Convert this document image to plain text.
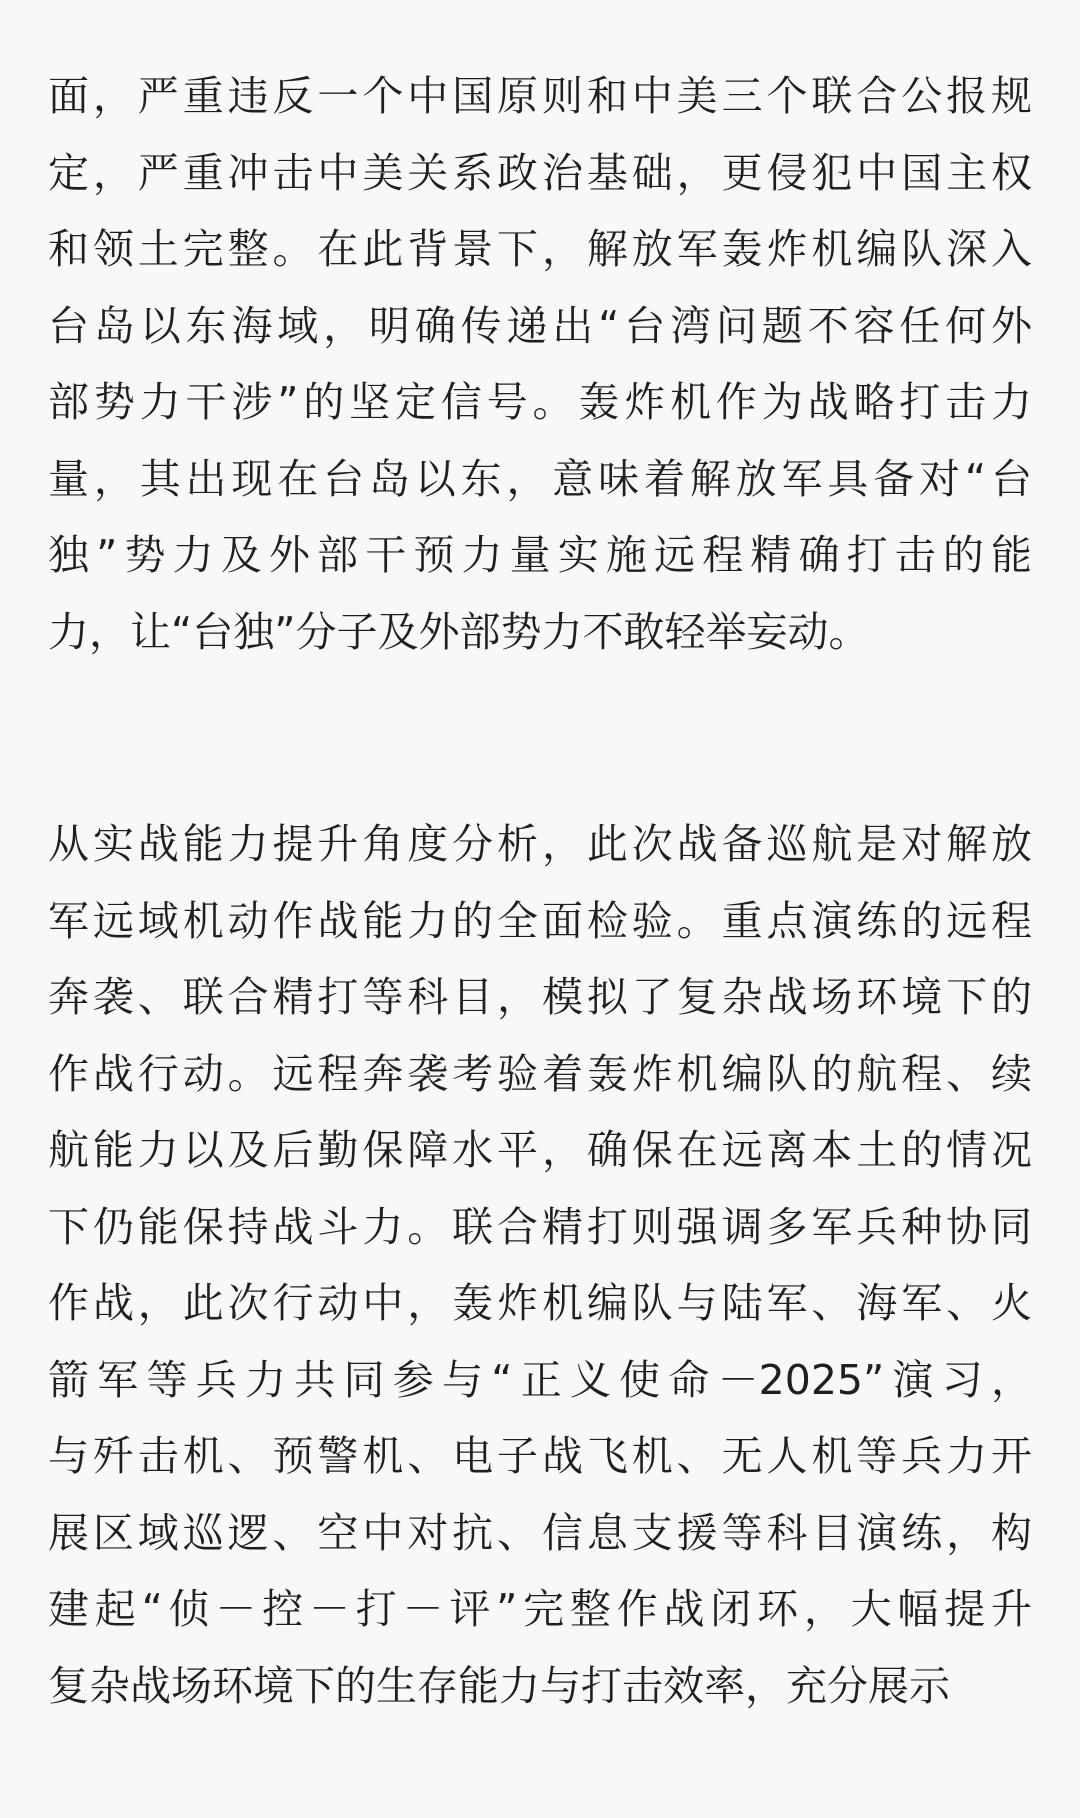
面，严重违反一个中国原则和中美三个联合公报规
定，严重冲击中美关系政治基础，更侵犯中国主权
和领土完整。在此背景下，解放军轰炸机编队深入
台岛以东海域，明确传递出“台湾问题不容任何外
部势力干涉”的坚定信号。轰炸机作为战略打击力
量，其出现在台岛以东，意味着解放军具备对“台
独”势力及外部干预力量实施远程精确打击的能
力，让“台独”分子及外部势力不敢轻举妄动。

从实战能力提升角度分析，此次战备巡航是对解放
军远域机动作战能力的全面检验。重点演练的远程
奔袭、联合精打等科目，模拟了复杂战场环境下的
作战行动。远程奔袭考验着轰炸机编队的航程、续
航能力以及后勤保障水平，确保在远离本土的情况
下仍能保持战斗力。联合精打则强调多军兵种协同
作战，此次行动中，轰炸机编队与陆军、海军、火
箭军等兵力共同参与“正义使命－2025”演习，
与歼击机、预警机、电子战飞机、无人机等兵力开
展区域巡逻、空中对抗、信息支援等科目演练，构
建起“侦－控－打－评”完整作战闭环，大幅提升
复杂战场环境下的生存能力与打击效率，充分展示
